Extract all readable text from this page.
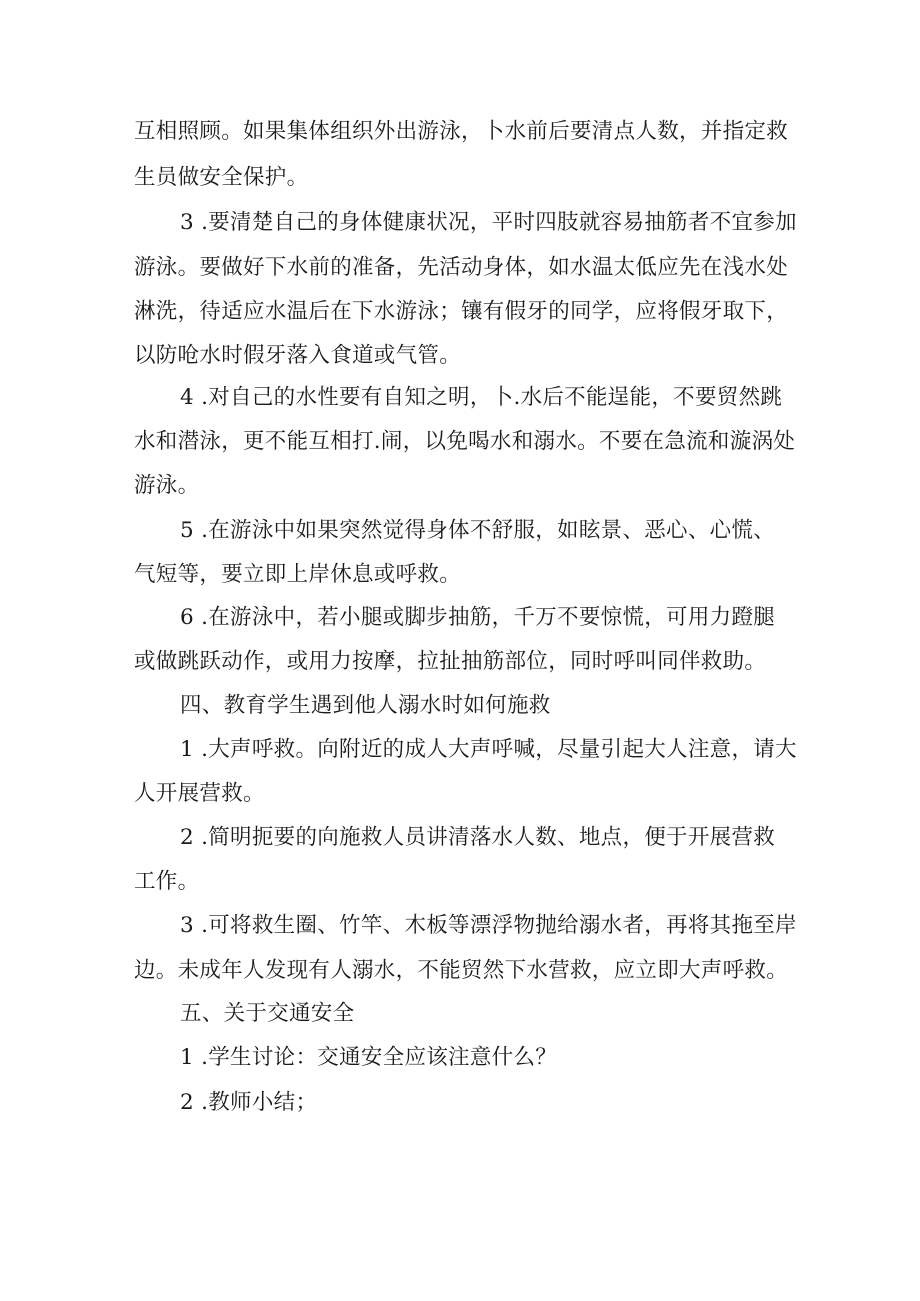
互相照顾。如果集体组织外出游泳，卜水前后要清点人数，并指定救
生员做安全保护。
3 .要清楚自己的身体健康状况，平时四肢就容易抽筋者不宜参加
游泳。要做好下水前的准备，先活动身体，如水温太低应先在浅水处
淋洗，待适应水温后在下水游泳；镶有假牙的同学，应将假牙取下，
以防呛水时假牙落入食道或气管。
4 .对自己的水性要有自知之明，卜.水后不能逞能，不要贸然跳
水和潜泳，更不能互相打.闹，以免喝水和溺水。不要在急流和漩涡处
游泳。
5 .在游泳中如果突然觉得身体不舒服，如眩景、恶心、心慌、
气短等，要立即上岸休息或呼救。
6 .在游泳中，若小腿或脚步抽筋，千万不要惊慌，可用力蹬腿
或做跳跃动作，或用力按摩，拉扯抽筋部位，同时呼叫同伴救助。
四、教育学生遇到他人溺水时如何施救
1 .大声呼救。向附近的成人大声呼喊，尽量引起大人注意，请大
人开展营救。
2 .简明扼要的向施救人员讲清落水人数、地点，便于开展营救
工作。
3 .可将救生圈、竹竿、木板等漂浮物抛给溺水者，再将其拖至岸
边。未成年人发现有人溺水，不能贸然下水营救，应立即大声呼救。
五、关于交通安全
1 .学生讨论：交通安全应该注意什么？
2 .教师小结；
